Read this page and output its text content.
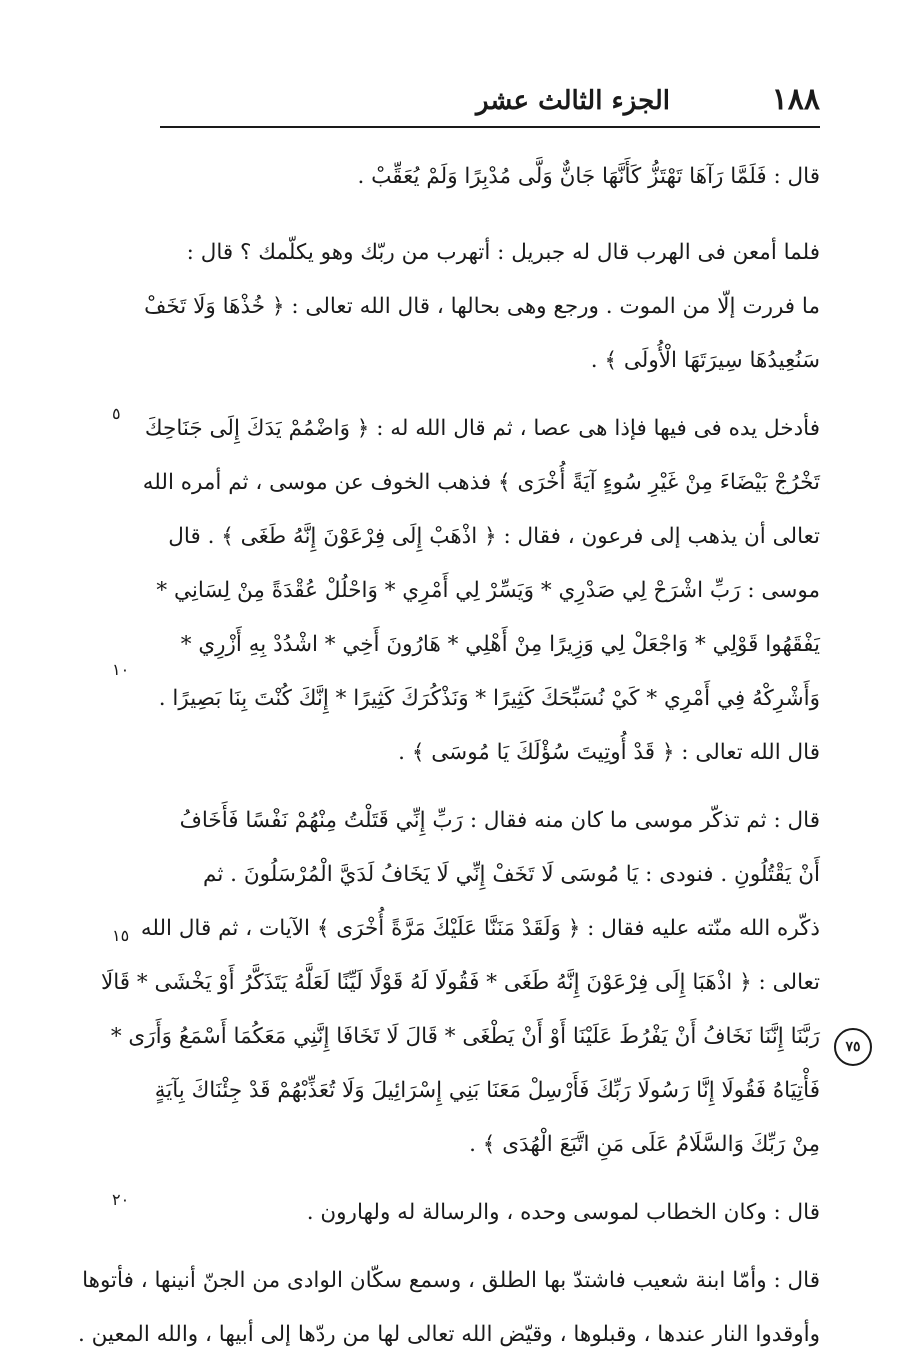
١٨٨
الجزء الثالث عشر

قال : فَلَمَّا رَآهَا تَهْتَزُّ كَأَنَّهَا جَانٌّ وَلَّى مُدْبِرًا وَلَمْ يُعَقِّبْ .

فلما أمعن فى الهرب قال له جبريل : أتهرب من ربّك وهو يكلّمك ؟ قال :
ما فررت إلّا من الموت . ورجع وهى بحالها ، قال الله تعالى : ﴿ خُذْهَا وَلَا تَخَفْ
سَنُعِيدُهَا سِيرَتَهَا الْأُولَى ﴾ .

فأدخل يده فى فيها فإذا هى عصا ، ثم قال الله له : ﴿ وَاضْمُمْ يَدَكَ إِلَى جَنَاحِكَ
تَخْرُجْ بَيْضَاءَ مِنْ غَيْرِ سُوءٍ آيَةً أُخْرَى ﴾ فذهب الخوف عن موسى ، ثم أمره الله
تعالى أن يذهب إلى فرعون ، فقال : ﴿ اذْهَبْ إِلَى فِرْعَوْنَ إِنَّهُ طَغَى ﴾ . قال
موسى : رَبِّ اشْرَحْ لِي صَدْرِي * وَيَسِّرْ لِي أَمْرِي * وَاحْلُلْ عُقْدَةً مِنْ لِسَانِي *
يَفْقَهُوا قَوْلِي * وَاجْعَلْ لِي وَزِيرًا مِنْ أَهْلِي * هَارُونَ أَخِي * اشْدُدْ بِهِ أَزْرِي *
وَأَشْرِكْهُ فِي أَمْرِي * كَيْ نُسَبِّحَكَ كَثِيرًا * وَنَذْكُرَكَ كَثِيرًا * إِنَّكَ كُنْتَ بِنَا بَصِيرًا .
قال الله تعالى : ﴿ قَدْ أُوتِيتَ سُؤْلَكَ يَا مُوسَى ﴾ .

قال : ثم تذكّر موسى ما كان منه فقال : رَبِّ إِنِّي قَتَلْتُ مِنْهُمْ نَفْسًا فَأَخَافُ
أَنْ يَقْتُلُونِ . فنودى : يَا مُوسَى لَا تَخَفْ إِنِّي لَا يَخَافُ لَدَيَّ الْمُرْسَلُونَ . ثم
ذكّره الله منّته عليه فقال : ﴿ وَلَقَدْ مَنَنَّا عَلَيْكَ مَرَّةً أُخْرَى ﴾ الآيات ، ثم قال الله
تعالى : ﴿ اذْهَبَا إِلَى فِرْعَوْنَ إِنَّهُ طَغَى * فَقُولَا لَهُ قَوْلًا لَيِّنًا لَعَلَّهُ يَتَذَكَّرُ أَوْ يَخْشَى * قَالَا
رَبَّنَا إِنَّنَا نَخَافُ أَنْ يَفْرُطَ عَلَيْنَا أَوْ أَنْ يَطْغَى * قَالَ لَا تَخَافَا إِنَّنِي مَعَكُمَا أَسْمَعُ وَأَرَى *
فَأْتِيَاهُ فَقُولَا إِنَّا رَسُولَا رَبِّكَ فَأَرْسِلْ مَعَنَا بَنِي إِسْرَائِيلَ وَلَا تُعَذِّبْهُمْ قَدْ جِئْنَاكَ بِآيَةٍ
مِنْ رَبِّكَ وَالسَّلَامُ عَلَى مَنِ اتَّبَعَ الْهُدَى ﴾ .

قال : وكان الخطاب لموسى وحده ، والرسالة له ولهارون .

قال : وأمّا ابنة شعيب فاشتدّ بها الطلق ، وسمع سكّان الوادى من الجنّ أنينها ، فأتوها
وأوقدوا النار عندها ، وقبلوها ، وقيّض الله تعالى لها من ردّها إلى أبيها ، والله المعين .

٥
١٠
١٥
٢٠
٧٥
